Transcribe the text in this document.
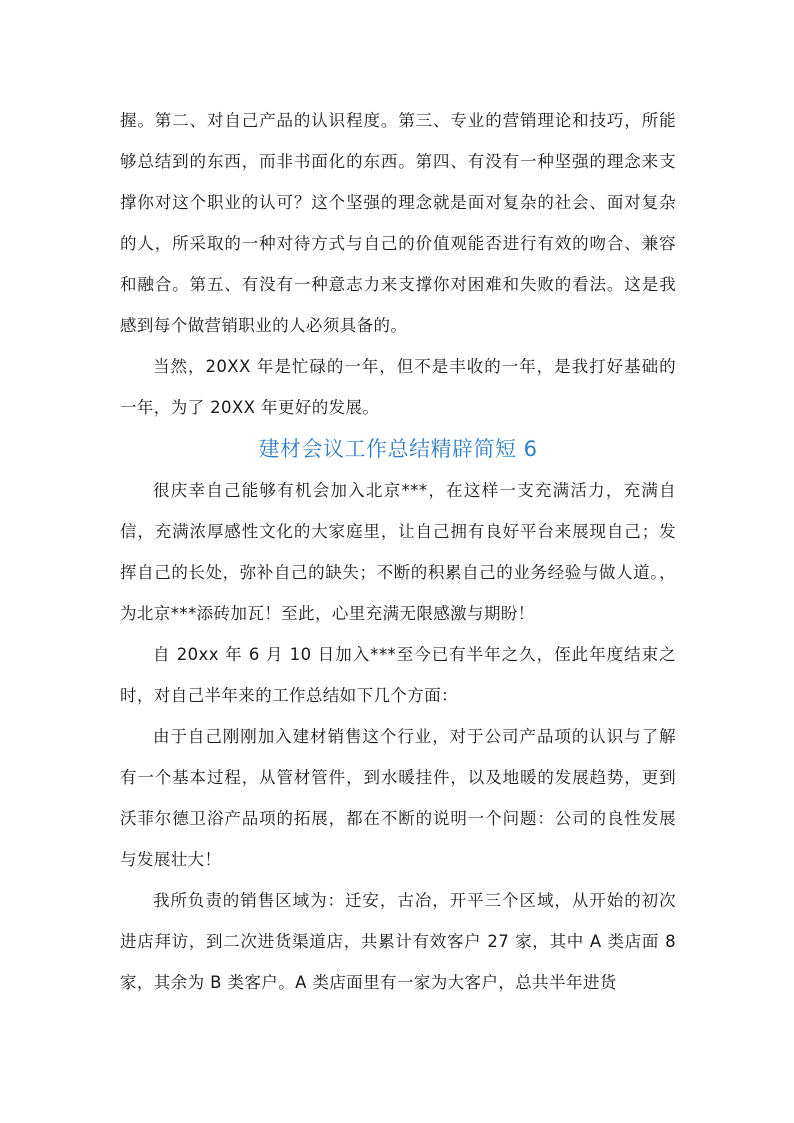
握。第二、对自己产品的认识程度。第三、专业的营销理论和技巧，所能够总结到的东西，而非书面化的东西。第四、有没有一种坚强的理念来支撑你对这个职业的认可？这个坚强的理念就是面对复杂的社会、面对复杂的人，所采取的一种对待方式与自己的价值观能否进行有效的吻合、兼容和融合。第五、有没有一种意志力来支撑你对困难和失败的看法。这是我感到每个做营销职业的人必须具备的。

当然，20XX 年是忙碌的一年，但不是丰收的一年，是我打好基础的一年，为了 20XX 年更好的发展。

建材会议工作总结精辟简短 6

很庆幸自己能够有机会加入北京***，在这样一支充满活力，充满自信，充满浓厚感性文化的大家庭里，让自己拥有良好平台来展现自己；发挥自己的长处，弥补自己的缺失；不断的积累自己的业务经验与做人道。，为北京***添砖加瓦！至此，心里充满无限感激与期盼！

自 20xx 年 6 月 10 日加入***至今已有半年之久，侄此年度结束之时，对自己半年来的工作总结如下几个方面：

由于自己刚刚加入建材销售这个行业，对于公司产品项的认识与了解有一个基本过程，从管材管件，到水暖挂件，以及地暖的发展趋势，更到沃菲尔德卫浴产品项的拓展，都在不断的说明一个问题：公司的良性发展与发展壮大！

我所负责的销售区域为：迁安，古冶，开平三个区域，从开始的初次进店拜访，到二次进货渠道店，共累计有效客户 27 家，其中 A 类店面 8 家，其余为 B 类客户。A 类店面里有一家为大客户，总共半年进货
